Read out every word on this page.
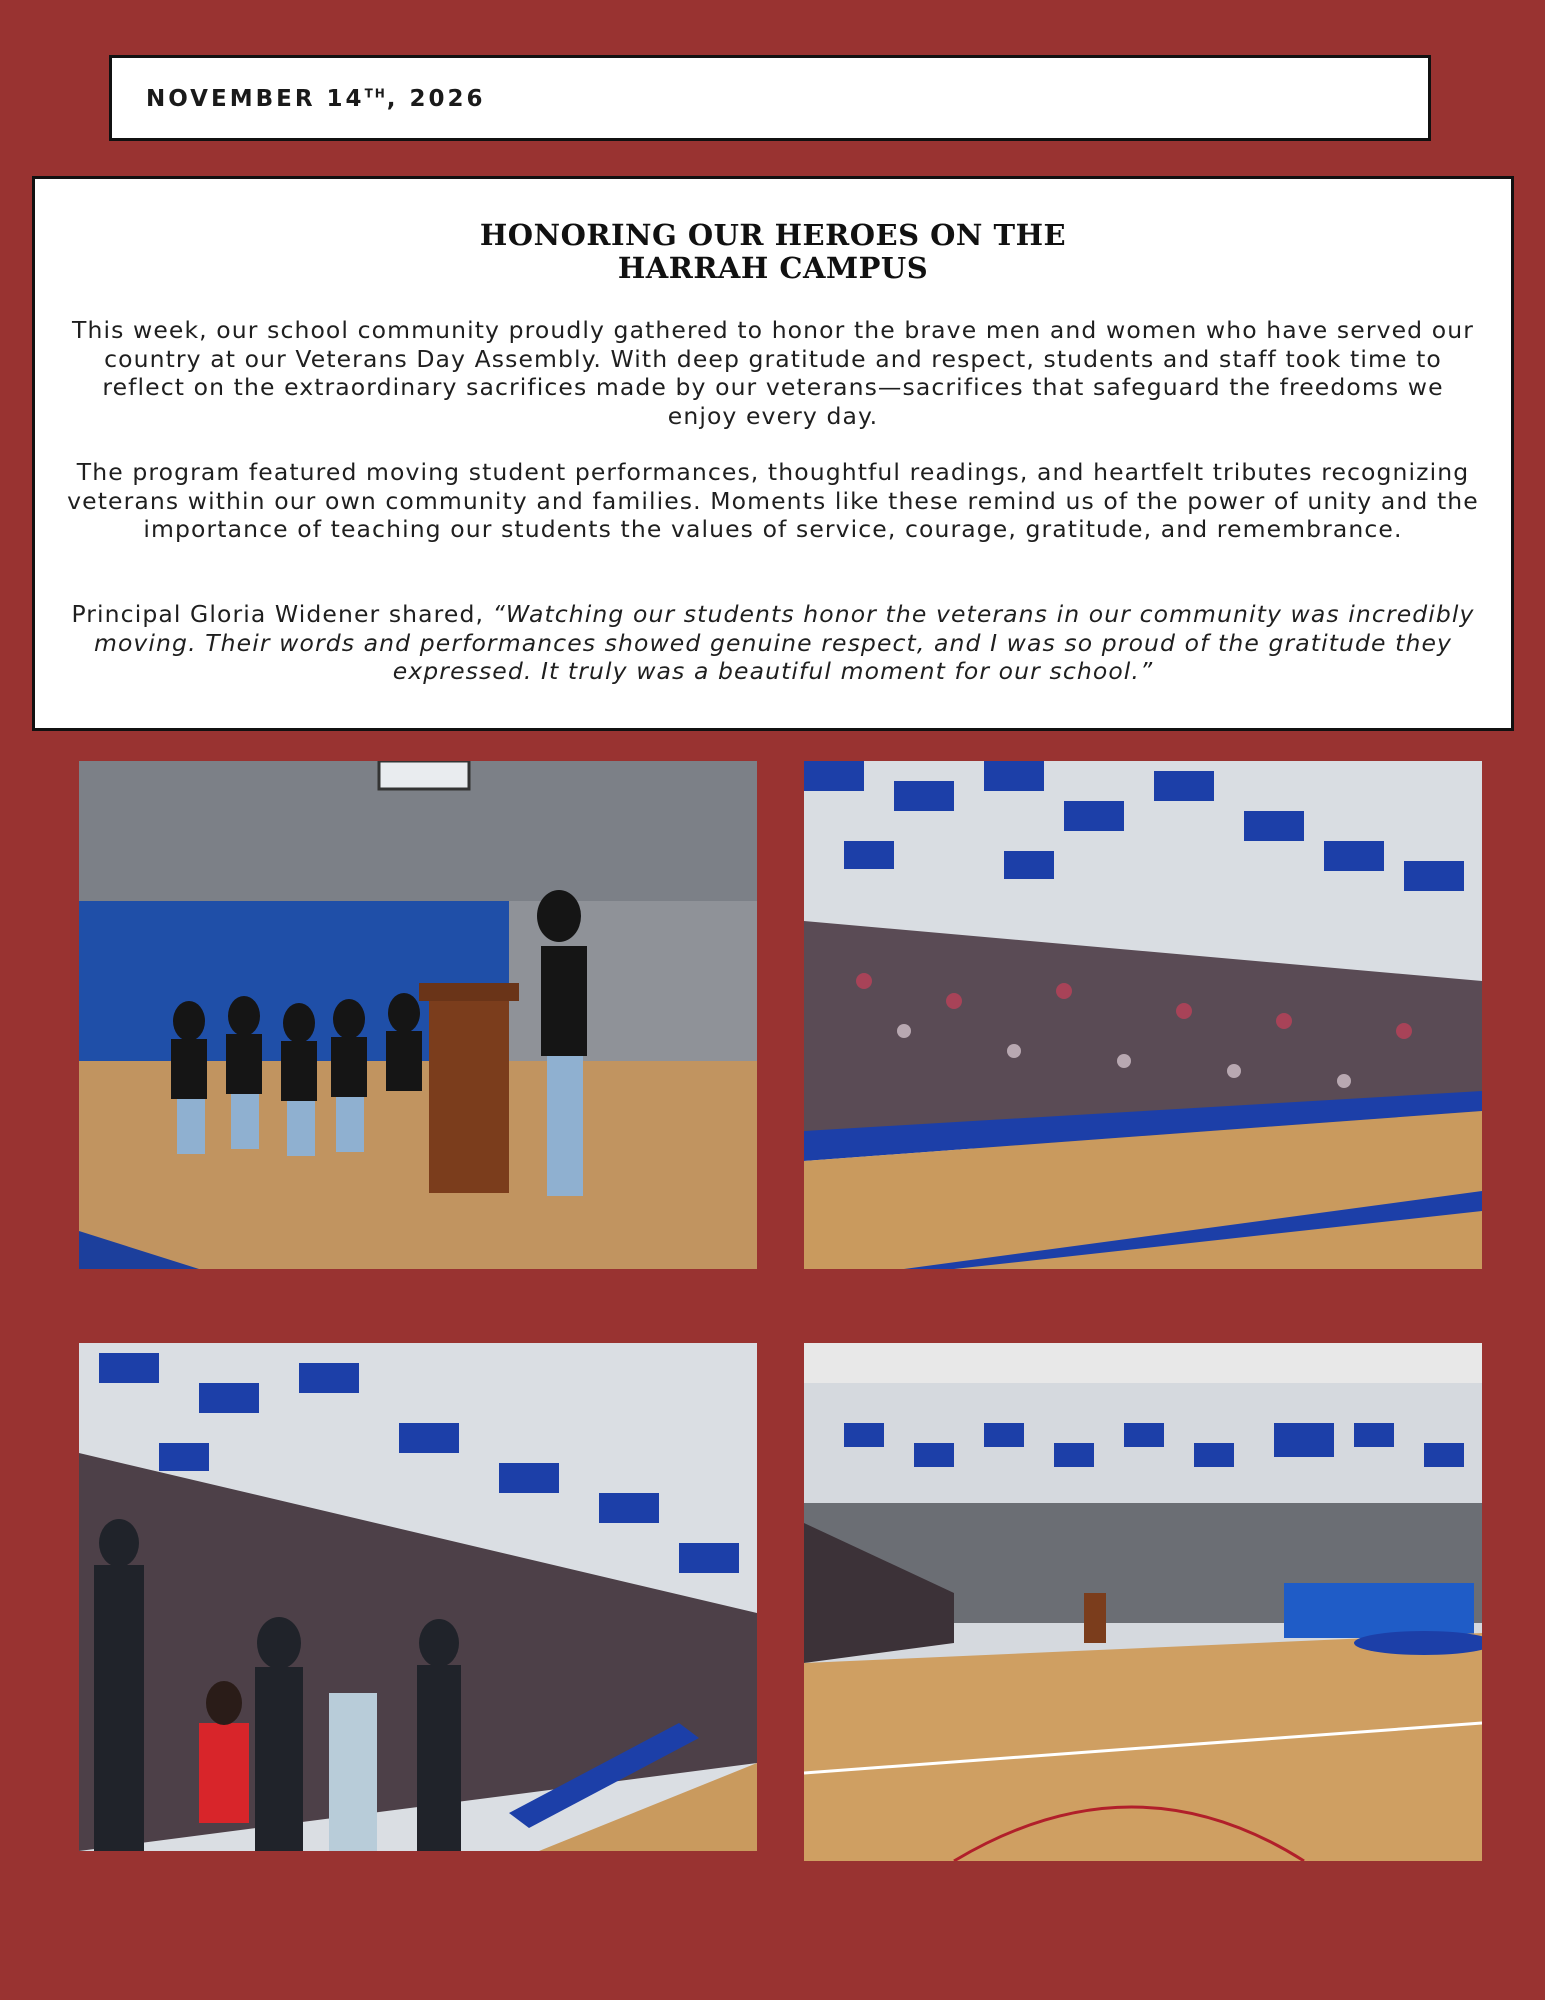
NOVEMBER 14TH, 2026
HONORING OUR HEROES ON THE
HARRAH CAMPUS
This week, our school community proudly gathered to honor the brave men and women who have served our country at our Veterans Day Assembly. With deep gratitude and respect, students and staff took time to reflect on the extraordinary sacrifices made by our veterans—sacrifices that safeguard the freedoms we enjoy every day.
The program featured moving student performances, thoughtful readings, and heartfelt tributes recognizing veterans within our own community and families. Moments like these remind us of the power of unity and the importance of teaching our students the values of service, courage, gratitude, and remembrance.
Principal Gloria Widener shared, “Watching our students honor the veterans in our community was incredibly moving. Their words and performances showed genuine respect, and I was so proud of the gratitude they expressed. It truly was a beautiful moment for our school.”
